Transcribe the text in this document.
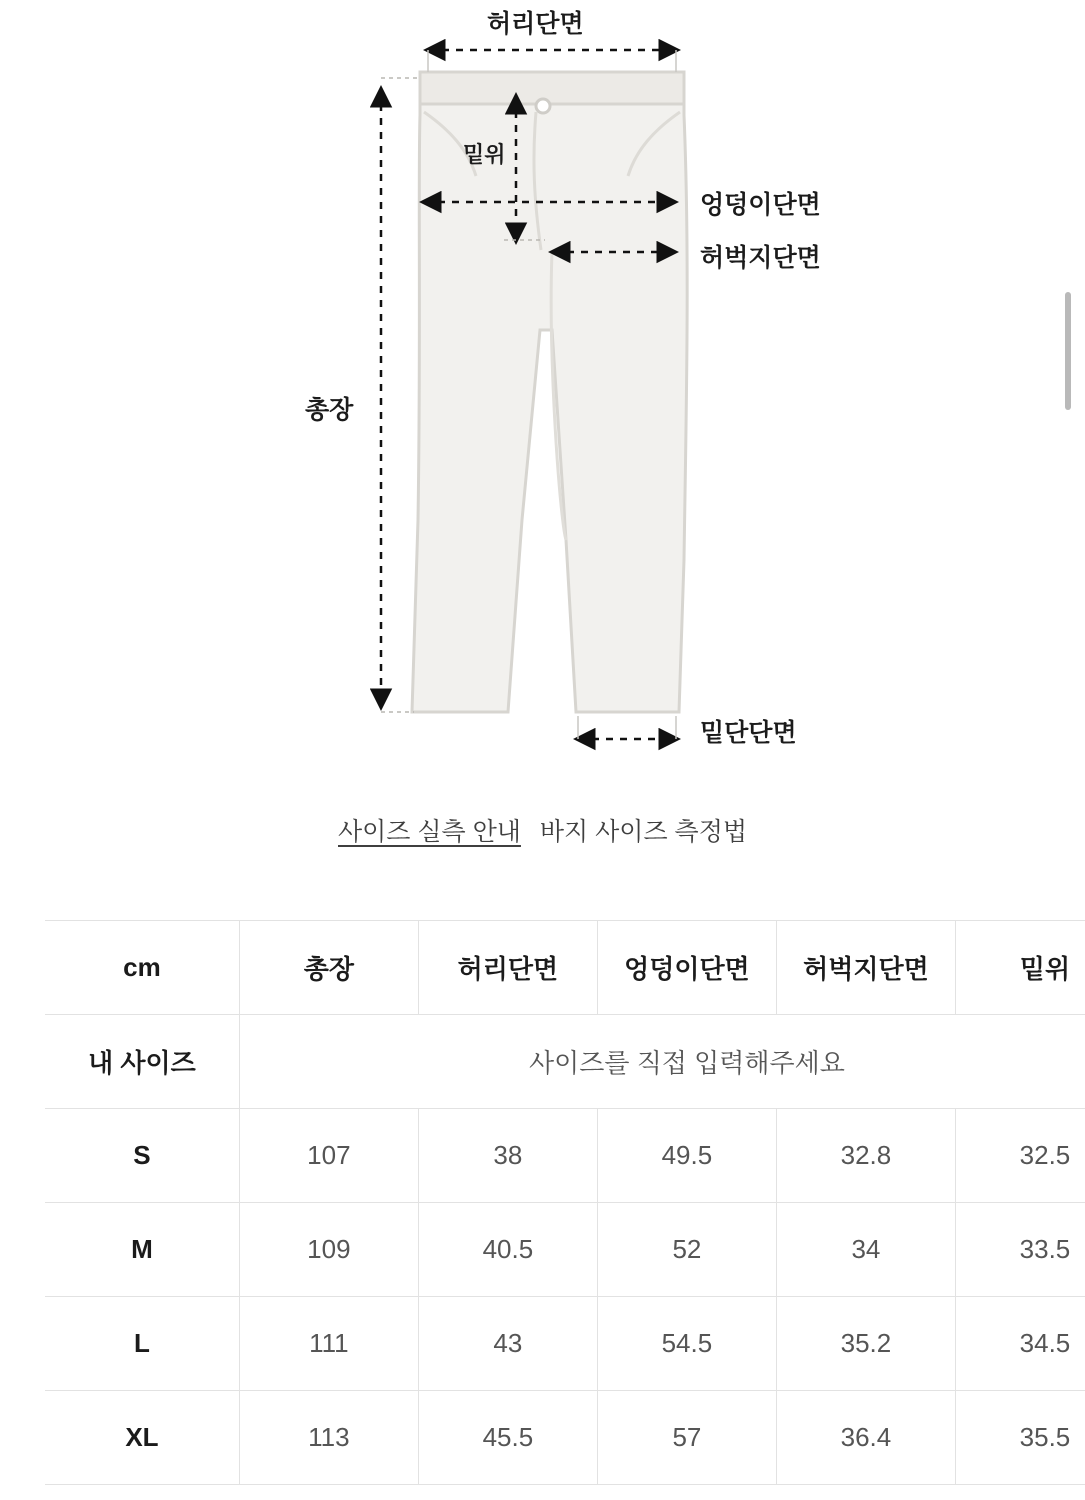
허리단면
엉덩이단면
허벅지단면
총장
밑위
밑단단면
사이즈 실측 안내 바지 사이즈 측정법
cm	총장	허리단면	엉덩이단면	허벅지단면	밑위
내 사이즈	사이즈를 직접 입력해주세요				
S	107	38	49.5	32.8	32.5
M	109	40.5	52	34	33.5
L	111	43	54.5	35.2	34.5
XL	113	45.5	57	36.4	35.5
